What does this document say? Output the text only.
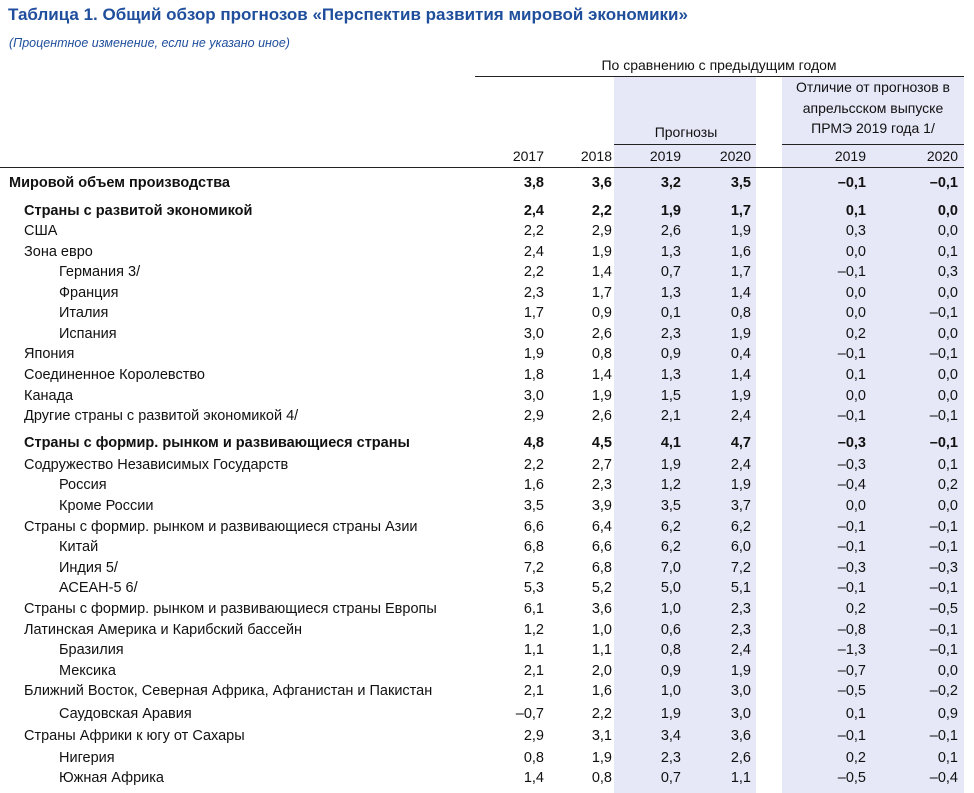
Таблица 1. Общий обзор прогнозов «Перспектив развития мировой экономики»
(Процентное изменение, если не указано иное)
По сравнению с предыдущим годом
Прогнозы
Отличие от прогнозов в
апрельсском выпуске
ПРМЭ 2019 года 1/
2017	2018	2019	2020	2019	2020
Мировой объем производства	3,8	3,6	3,2	3,5	–0,1	–0,1
Страны с развитой экономикой	2,4	2,2	1,9	1,7	0,1	0,0
США	2,2	2,9	2,6	1,9	0,3	0,0
Зона евро	2,4	1,9	1,3	1,6	0,0	0,1
Германия 3/	2,2	1,4	0,7	1,7	–0,1	0,3
Франция	2,3	1,7	1,3	1,4	0,0	0,0
Италия	1,7	0,9	0,1	0,8	0,0	–0,1
Испания	3,0	2,6	2,3	1,9	0,2	0,0
Япония	1,9	0,8	0,9	0,4	–0,1	–0,1
Соединенное Королевство	1,8	1,4	1,3	1,4	0,1	0,0
Канада	3,0	1,9	1,5	1,9	0,0	0,0
Другие страны с развитой экономикой 4/	2,9	2,6	2,1	2,4	–0,1	–0,1
Страны с формир. рынком и развивающиеся страны	4,8	4,5	4,1	4,7	–0,3	–0,1
Содружество Независимых Государств	2,2	2,7	1,9	2,4	–0,3	0,1
Россия	1,6	2,3	1,2	1,9	–0,4	0,2
Кроме России	3,5	3,9	3,5	3,7	0,0	0,0
Страны с формир. рынком и развивающиеся страны Азии	6,6	6,4	6,2	6,2	–0,1	–0,1
Китай	6,8	6,6	6,2	6,0	–0,1	–0,1
Индия 5/	7,2	6,8	7,0	7,2	–0,3	–0,3
АСЕАН-5 6/	5,3	5,2	5,0	5,1	–0,1	–0,1
Страны с формир. рынком и развивающиеся страны Европы	6,1	3,6	1,0	2,3	0,2	–0,5
Латинская Америка и Карибский бассейн	1,2	1,0	0,6	2,3	–0,8	–0,1
Бразилия	1,1	1,1	0,8	2,4	–1,3	–0,1
Мексика	2,1	2,0	0,9	1,9	–0,7	0,0
Ближний Восток, Северная Африка, Афганистан и Пакистан	2,1	1,6	1,0	3,0	–0,5	–0,2
Саудовская Аравия	–0,7	2,2	1,9	3,0	0,1	0,9
Страны Африки к югу от Сахары	2,9	3,1	3,4	3,6	–0,1	–0,1
Нигерия	0,8	1,9	2,3	2,6	0,2	0,1
Южная Африка	1,4	0,8	0,7	1,1	–0,5	–0,4
